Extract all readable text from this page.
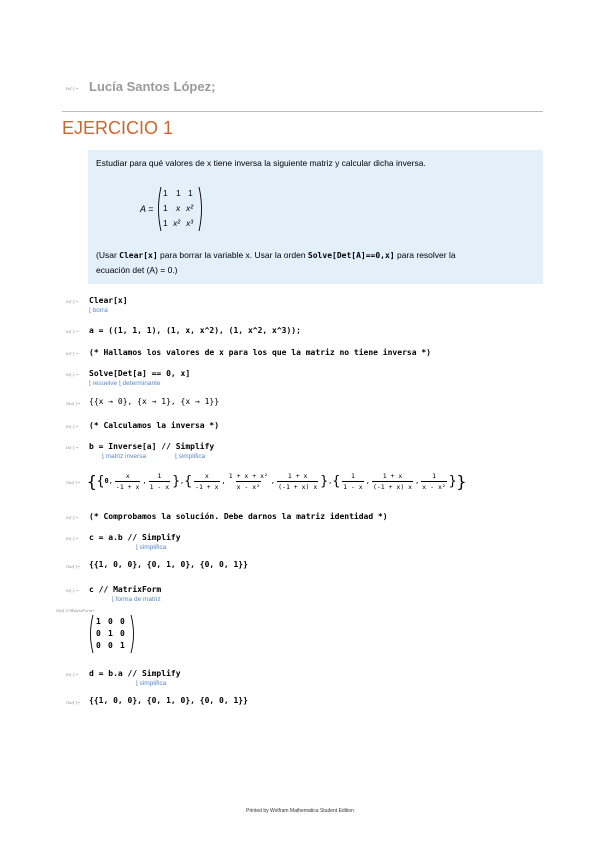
In[ ]:= Lucía Santos López;
EJERCICIO 1
Estudiar para qué valores de x tiene inversa la siguiente matriz y calcular dicha inversa.
A =
1 1 1
1 x x²
1 x² x³
(Usar Clear[x] para borrar la variable x. Usar la orden Solve[Det[A]==0,x] para resolver la
ecuación det (A) = 0.)
In[ ]:= Clear[x]
⌊ borra
In[ ]:= a = ((1, 1, 1), (1, x, x^2), (1, x^2, x^3));
In[ ]:= (* Hallamos los valores de x para los que la matriz no tiene inversa *)
In[ ]:= Solve[Det[a] == 0, x]
⌊ resuelve ⌊ determinante
Out[ ]= {{x → 0}, {x → 1}, {x → 1}}
In[ ]:= (* Calculamos la inversa *)
In[ ]:= b = Inverse[a] // Simplify
⌊ matriz inversa	⌊ simplifica
Out[ ]= { { 0 , $\frac{x}{-1 + x}$ , $\frac{1}{1 - x}$ } , { $\frac{x}{-1 + x}$ , $\frac{\text{1 + x + x²}}{\text{x - x²}}$ , $\frac{1 + x}{(-1 + x) x}$ } , { $\frac{1}{1 - x}$ , $\frac{1 + x}{(-1 + x) x}$ , $\frac{1}{\text{x - x²}}$ } }
In[ ]:= (* Comprobamos la solución. Debe darnos la matriz identidad *)
In[ ]:= c = a.b // Simplify
⌊ simplifica
Out[ ]= {{1, 0, 0}, {0, 1, 0}, {0, 0, 1}}
In[ ]:= c // MatrixForm
⌊ forma de matriz
Out[ ]//MatrixForm=
1 0 0
0 1 0
0 0 1
In[ ]:= d = b.a // Simplify
⌊ simplifica
Out[ ]= {{1, 0, 0}, {0, 1, 0}, {0, 0, 1}}
Printed by Wolfram Mathematica Student Edition
